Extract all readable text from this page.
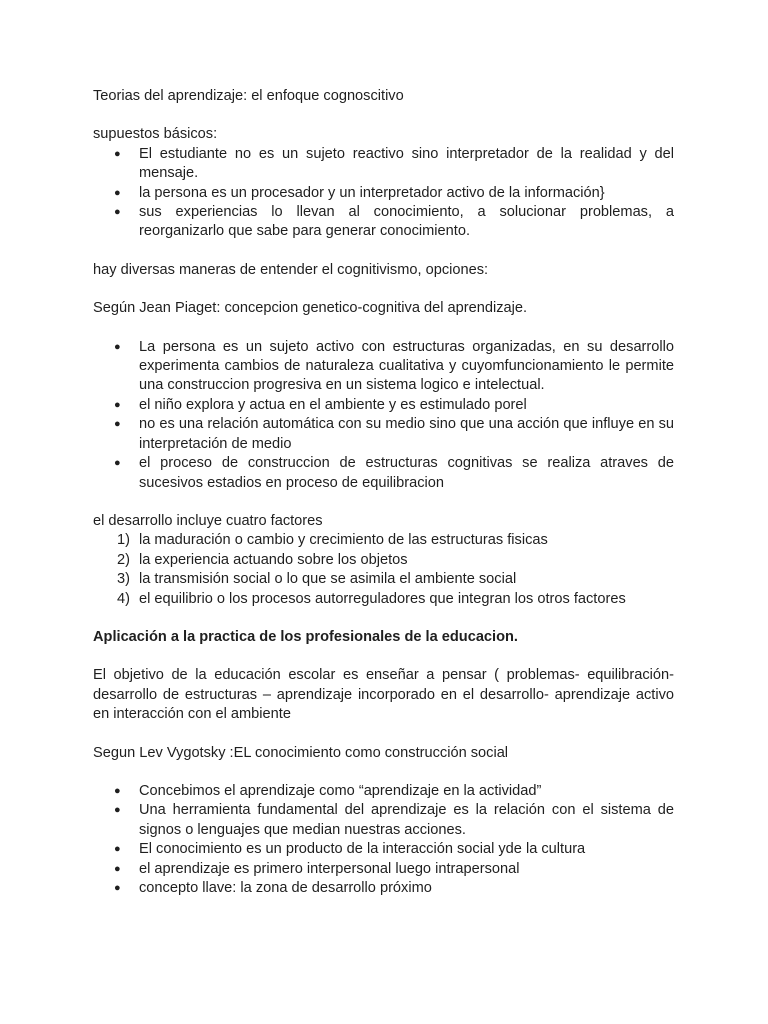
Teorias del aprendizaje: el enfoque cognoscitivo

supuestos básicos:

● El estudiante no es un sujeto reactivo sino interpretador de la realidad y del mensaje.
● la persona es un procesador y un interpretador activo de la información}
● sus experiencias lo llevan al conocimiento, a solucionar problemas, a reorganizarlo que sabe para generar conocimiento.

hay diversas maneras de entender el cognitivismo, opciones:

Según Jean Piaget: concepcion genetico-cognitiva del aprendizaje.

● La persona es un sujeto activo con estructuras organizadas, en su desarrollo experimenta cambios de naturaleza cualitativa y cuyomfuncionamiento le permite una construccion progresiva en un sistema logico e intelectual.
● el niño explora y actua en el ambiente y es estimulado porel
● no es una relación automática con su medio sino que una acción que influye en su interpretación de medio
● el proceso de construccion de estructuras cognitivas se realiza atraves de sucesivos estadios en proceso de equilibracion

el desarrollo incluye cuatro factores

1) la maduración o cambio y crecimiento de las estructuras fisicas
2) la experiencia actuando sobre los objetos
3) la transmisión social o lo que se asimila el ambiente social
4) el equilibrio o los procesos autorreguladores que integran los otros factores

Aplicación a la practica de los profesionales de la educacion.

El objetivo de la educación escolar es enseñar a pensar ( problemas- equilibración- desarrollo de estructuras – aprendizaje incorporado en el desarrollo- aprendizaje activo en interacción con el ambiente

Segun Lev Vygotsky :EL conocimiento como construcción social

● Concebimos el aprendizaje como “aprendizaje en la actividad”
● Una herramienta fundamental del aprendizaje es la relación con el sistema de signos o lenguajes que median nuestras acciones.
● El conocimiento es un producto de la interacción social yde la cultura
● el aprendizaje es primero interpersonal luego intrapersonal
● concepto llave: la zona de desarrollo próximo
